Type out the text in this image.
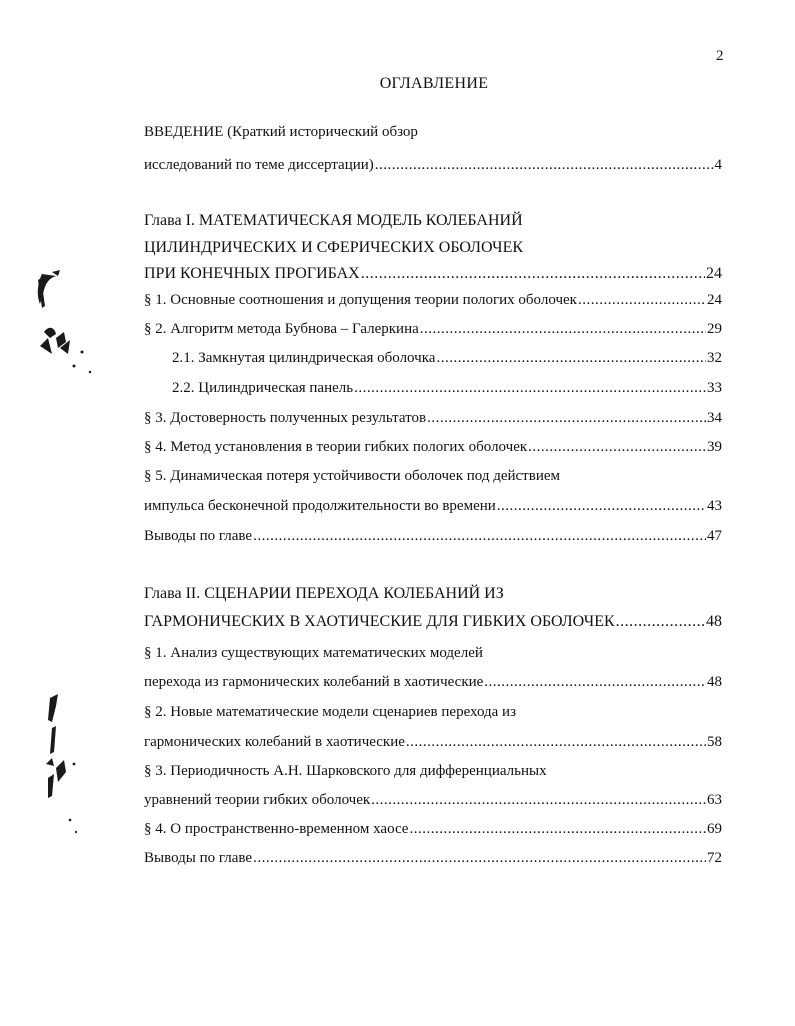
2
ОГЛАВЛЕНИЕ
ВВЕДЕНИЕ (Краткий исторический обзор
исследований по теме диссертации) .....	4
Глава I. МАТЕМАТИЧЕСКАЯ МОДЕЛЬ КОЛЕБАНИЙ
ЦИЛИНДРИЧЕСКИХ И СФЕРИЧЕСКИХ ОБОЛОЧЕК
ПРИ КОНЕЧНЫХ ПРОГИБАХ .....	24
§ 1. Основные соотношения и допущения теории пологих оболочек .....	24
§ 2. Алгоритм метода Бубнова – Галеркина .....	29
2.1. Замкнутая цилиндрическая оболочка .....	32
2.2. Цилиндрическая панель .....	33
§ 3. Достоверность полученных результатов .....	34
§ 4. Метод установления в теории гибких пологих оболочек .....	39
§ 5. Динамическая потеря устойчивости оболочек под действием
импульса бесконечной продолжительности во времени .....	43
Выводы по главе .....	47
Глава II. СЦЕНАРИИ ПЕРЕХОДА КОЛЕБАНИЙ ИЗ
ГАРМОНИЧЕСКИХ В ХАОТИЧЕСКИЕ ДЛЯ ГИБКИХ ОБОЛОЧЕК .....	48
§ 1. Анализ существующих математических моделей
перехода из гармонических колебаний в хаотические .....	48
§ 2. Новые математические модели сценариев перехода из
гармонических колебаний в хаотические .....	58
§ 3. Периодичность А.Н. Шарковского для дифференциальных
уравнений теории гибких оболочек .....	63
§ 4. О пространственно-временном хаосе .....	69
Выводы по главе .....	72
